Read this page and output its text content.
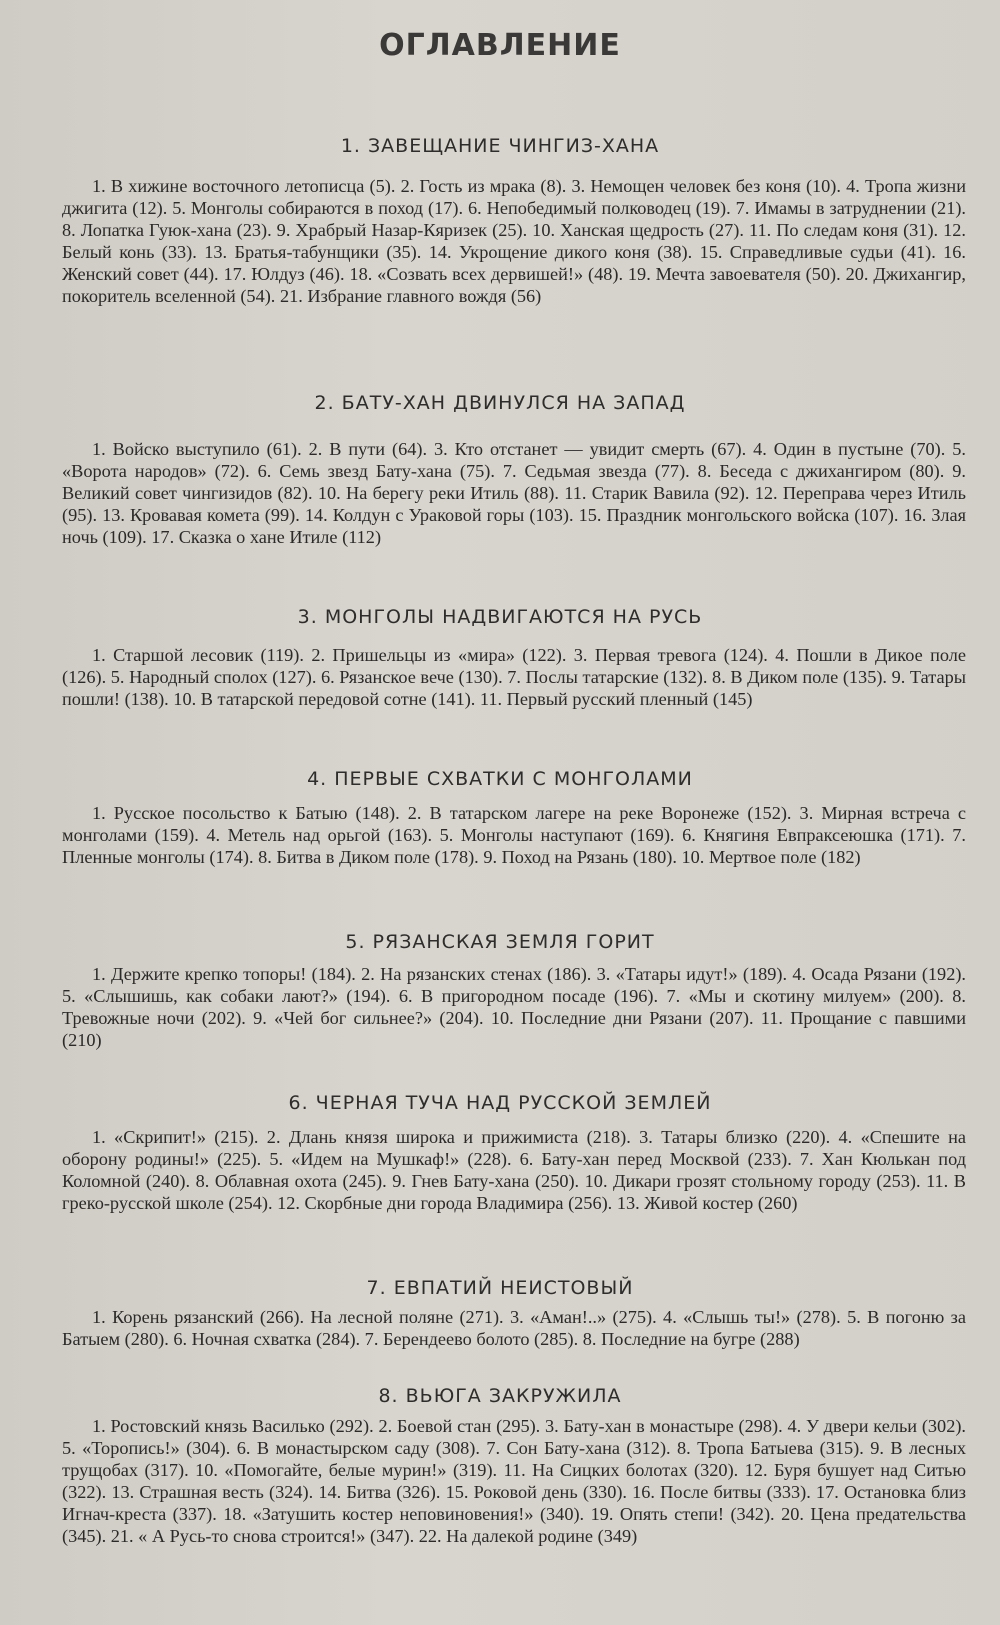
ОГЛАВЛЕНИЕ
1. ЗАВЕЩАНИЕ ЧИНГИЗ-ХАНА
1. В хижине восточного летописца (5). 2. Гость из мрака (8). 3. Немощен человек без коня (10). 4. Тропа жизни джигита (12). 5. Монголы собираются в поход (17). 6. Непобедимый полководец (19). 7. Имамы в затруднении (21). 8. Лопатка Гуюк-хана (23). 9. Храбрый Назар-Кяризек (25). 10. Ханская щедрость (27). 11. По следам коня (31). 12. Белый конь (33). 13. Братья-табунщики (35). 14. Укрощение дикого коня (38). 15. Справедливые судьи (41). 16. Женский совет (44). 17. Юлдуз (46). 18. «Созвать всех дервишей!» (48). 19. Мечта завоевателя (50). 20. Джихангир, покоритель вселенной (54). 21. Избрание главного вождя (56)
2. БАТУ-ХАН ДВИНУЛСЯ НА ЗАПАД
1. Войско выступило (61). 2. В пути (64). 3. Кто отстанет — увидит смерть (67). 4. Один в пустыне (70). 5. «Ворота народов» (72). 6. Семь звезд Бату-хана (75). 7. Седьмая звезда (77). 8. Беседа с джихангиром (80). 9. Великий совет чингизидов (82). 10. На берегу реки Итиль (88). 11. Старик Вавила (92). 12. Переправа через Итиль (95). 13. Кровавая комета (99). 14. Колдун с Ураковой горы (103). 15. Праздник монгольского войска (107). 16. Злая ночь (109). 17. Сказка о хане Итиле (112)
3. МОНГОЛЫ НАДВИГАЮТСЯ НА РУСЬ
1. Старшой лесовик (119). 2. Пришельцы из «мира» (122). 3. Первая тревога (124). 4. Пошли в Дикое поле (126). 5. Народный сполох (127). 6. Рязанское вече (130). 7. Послы татарские (132). 8. В Диком поле (135). 9. Татары пошли! (138). 10. В татарской передовой сотне (141). 11. Первый русский пленный (145)
4. ПЕРВЫЕ СХВАТКИ С МОНГОЛАМИ
1. Русское посольство к Батыю (148). 2. В татарском лагере на реке Воронеже (152). 3. Мирная встреча с монголами (159). 4. Метель над орьгой (163). 5. Монголы наступают (169). 6. Княгиня Евпраксеюшка (171). 7. Пленные монголы (174). 8. Битва в Диком поле (178). 9. Поход на Рязань (180). 10. Мертвое поле (182)
5. РЯЗАНСКАЯ ЗЕМЛЯ ГОРИТ
1. Держите крепко топоры! (184). 2. На рязанских стенах (186). 3. «Татары идут!» (189). 4. Осада Рязани (192). 5. «Слышишь, как собаки лают?» (194). 6. В пригородном посаде (196). 7. «Мы и скотину милуем» (200). 8. Тревожные ночи (202). 9. «Чей бог сильнее?» (204). 10. Последние дни Рязани (207). 11. Прощание с павшими (210)
6. ЧЕРНАЯ ТУЧА НАД РУССКОЙ ЗЕМЛЕЙ
1. «Скрипит!» (215). 2. Длань князя широка и прижимиста (218). 3. Татары близко (220). 4. «Спешите на оборону родины!» (225). 5. «Идем на Мушкаф!» (228). 6. Бату-хан перед Москвой (233). 7. Хан Кюлькан под Коломной (240). 8. Облавная охота (245). 9. Гнев Бату-хана (250). 10. Дикари грозят стольному городу (253). 11. В греко-русской школе (254). 12. Скорбные дни города Владимира (256). 13. Живой костер (260)
7. ЕВПАТИЙ НЕИСТОВЫЙ
1. Корень рязанский (266). На лесной поляне (271). 3. «Аман!..» (275). 4. «Слышь ты!» (278). 5. В погоню за Батыем (280). 6. Ночная схватка (284). 7. Берендеево болото (285). 8. Последние на бугре (288)
8. ВЬЮГА ЗАКРУЖИЛА
1. Ростовский князь Василько (292). 2. Боевой стан (295). 3. Бату-хан в монастыре (298). 4. У двери кельи (302). 5. «Торопись!» (304). 6. В монастырском саду (308). 7. Сон Бату-хана (312). 8. Тропа Батыева (315). 9. В лесных трущобах (317). 10. «Помогайте, белые мурин!» (319). 11. На Сицких болотах (320). 12. Буря бушует над Ситью (322). 13. Страшная весть (324). 14. Битва (326). 15. Роковой день (330). 16. После битвы (333). 17. Остановка близ Игнач-креста (337). 18. «Затушить костер неповиновения!» (340). 19. Опять степи! (342). 20. Цена предательства (345). 21. « А Русь-то снова строится!» (347). 22. На далекой родине (349)
